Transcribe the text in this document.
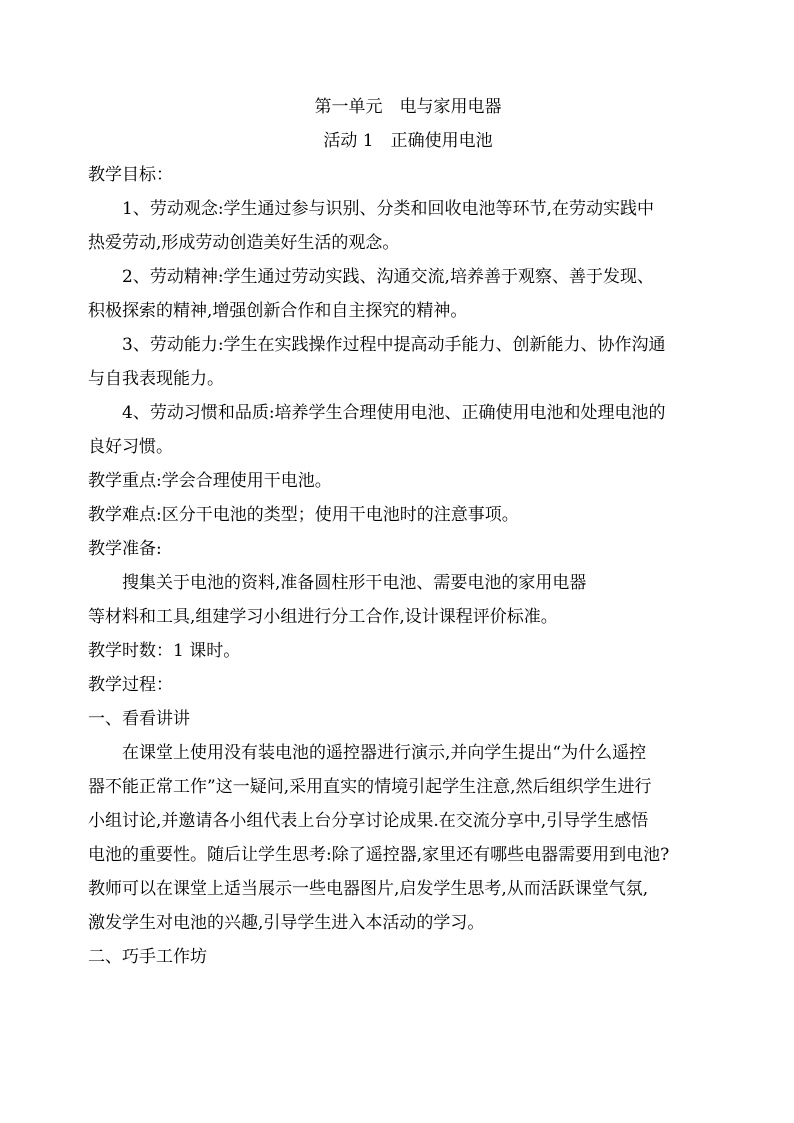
第一单元　电与家用电器

活动 1　正确使用电池

教学目标：

1、劳动观念:学生通过参与识别、分类和回收电池等环节,在劳动实践中

热爱劳动,形成劳动创造美好生活的观念。

2、劳动精神:学生通过劳动实践、沟通交流,培养善于观察、善于发现、

积极探索的精神,增强创新合作和自主探究的精神。

3、劳动能力:学生在实践操作过程中提高动手能力、创新能力、协作沟通

与自我表现能力。

4、劳动习惯和品质:培养学生合理使用电池、正确使用电池和处理电池的

良好习惯。

教学重点:学会合理使用干电池。

教学难点:区分干电池的类型；使用干电池时的注意事项。

教学准备:

搜集关于电池的资料,准备圆柱形干电池、需要电池的家用电器

等材料和工具,组建学习小组进行分工合作,设计课程评价标准。

教学时数：1 课时。

教学过程：

一、看看讲讲

在课堂上使用没有装电池的遥控器进行演示,并向学生提出“为什么遥控

器不能正常工作”这一疑问,采用直实的情境引起学生注意,然后组织学生进行

小组讨论,并邀请各小组代表上台分享讨论成果.在交流分享中,引导学生感悟

电池的重要性。随后让学生思考:除了遥控器,家里还有哪些电器需要用到电池?

教师可以在课堂上适当展示一些电器图片,启发学生思考,从而活跃课堂气氛,

激发学生对电池的兴趣,引导学生进入本活动的学习。

二、巧手工作坊
